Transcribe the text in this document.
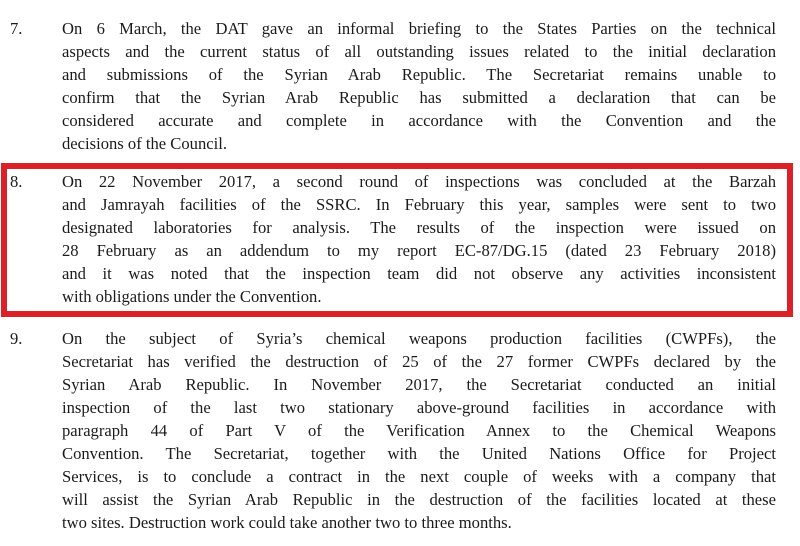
7. On 6 March, the DAT gave an informal briefing to the States Parties on the technical
aspects and the current status of all outstanding issues related to the initial declaration
and submissions of the Syrian Arab Republic. The Secretariat remains unable to
confirm that the Syrian Arab Republic has submitted a declaration that can be
considered accurate and complete in accordance with the Convention and the
decisions of the Council.
8. On 22 November 2017, a second round of inspections was concluded at the Barzah
and Jamrayah facilities of the SSRC. In February this year, samples were sent to two
designated laboratories for analysis. The results of the inspection were issued on
28 February as an addendum to my report EC-87/DG.15 (dated 23 February 2018)
and it was noted that the inspection team did not observe any activities inconsistent
with obligations under the Convention.
9. On the subject of Syria’s chemical weapons production facilities (CWPFs), the
Secretariat has verified the destruction of 25 of the 27 former CWPFs declared by the
Syrian Arab Republic. In November 2017, the Secretariat conducted an initial
inspection of the last two stationary above-ground facilities in accordance with
paragraph 44 of Part V of the Verification Annex to the Chemical Weapons
Convention. The Secretariat, together with the United Nations Office for Project
Services, is to conclude a contract in the next couple of weeks with a company that
will assist the Syrian Arab Republic in the destruction of the facilities located at these
two sites. Destruction work could take another two to three months.
